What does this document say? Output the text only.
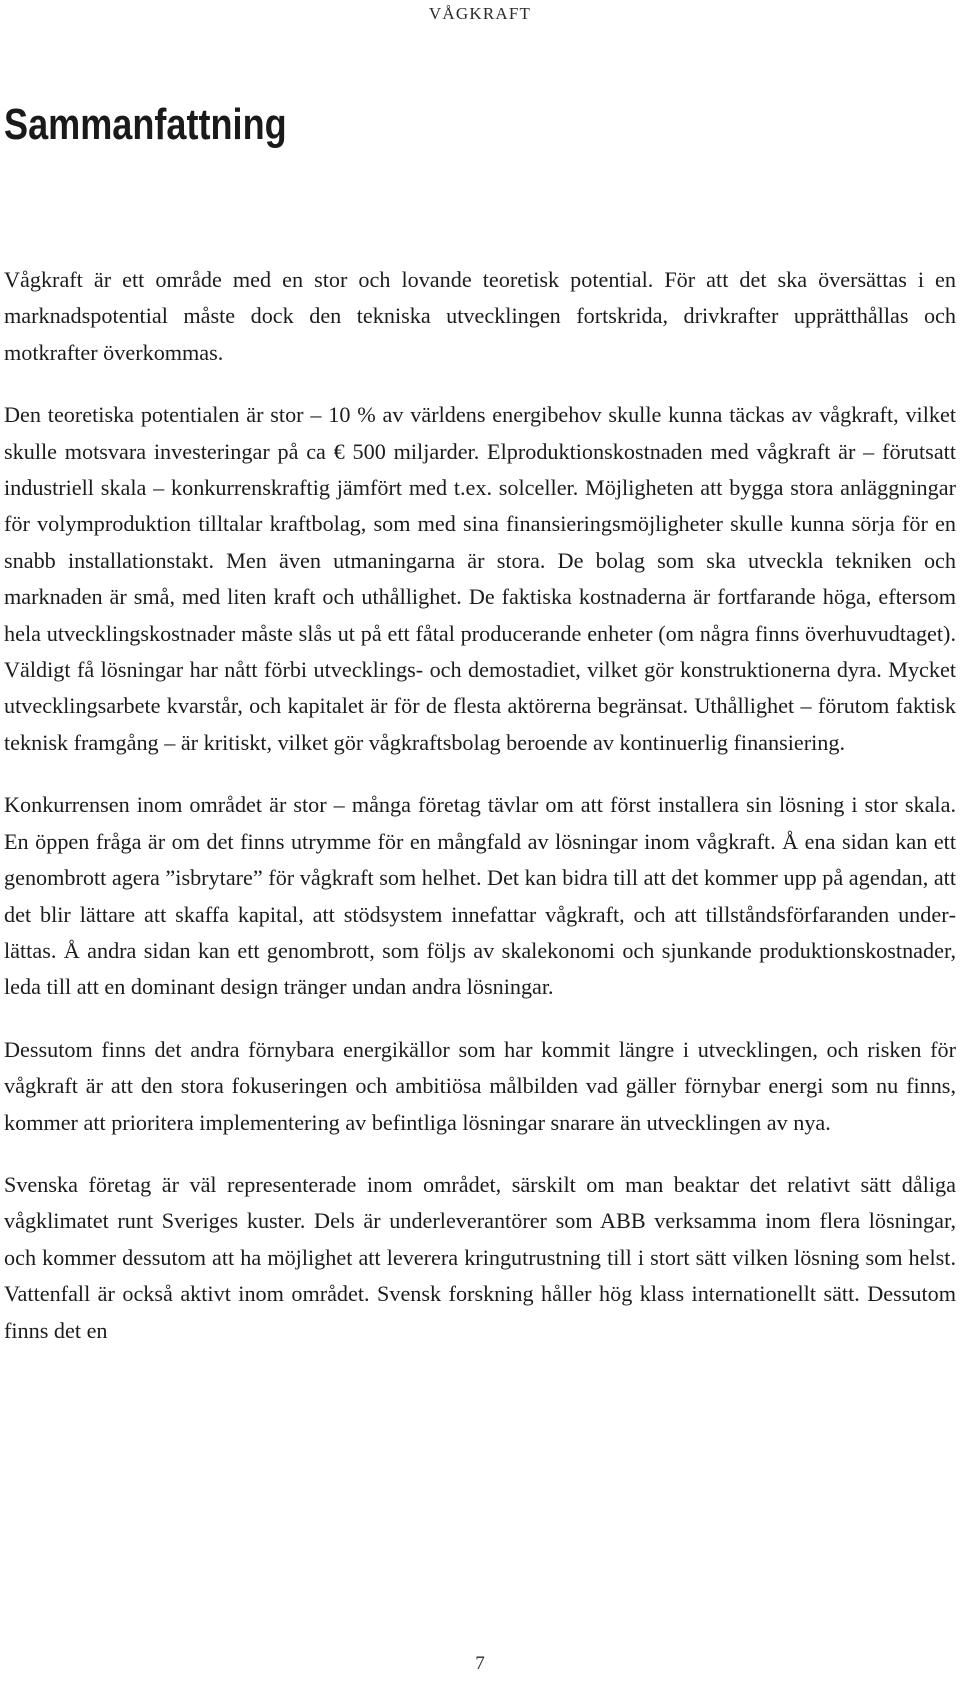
VÅGKRAFT
Sammanfattning

Vågkraft är ett område med en stor och lovande teoretisk potential. För att det ska översättas i en marknadspotential måste dock den tekniska utvecklingen fortskrida, drivkrafter upprätthållas och motkrafter överkommas.

Den teoretiska potentialen är stor – 10 % av världens energibehov skulle kunna täckas av vågkraft, vilket skulle motsvara investeringar på ca € 500 miljarder. Elproduktionskostnaden med vågkraft är – förutsatt industriell skala – konkurrenskraftig jämfört med t.ex. solceller. Möjligheten att bygga stora anläggningar för volymproduktion tilltalar kraftbolag, som med sina finansieringsmöjligheter skulle kunna sörja för en snabb installationstakt. Men även utmaningarna är stora. De bolag som ska utveckla tekniken och marknaden är små, med liten kraft och uthållighet. De faktiska kostnaderna är fortfarande höga, eftersom hela utvecklingskostnader måste slås ut på ett fåtal producerande enheter (om några finns överhuvudtaget). Väldigt få lösningar har nått förbi utvecklings- och demostadiet, vilket gör konstruktionerna dyra. Mycket utvecklingsarbete kvarstår, och kapitalet är för de flesta aktörerna begränsat. Uthållighet – förutom faktisk teknisk framgång – är kritiskt, vilket gör vågkraftsbolag beroende av kontinuerlig finansiering.

Konkurrensen inom området är stor – många företag tävlar om att först installera sin lösning i stor skala. En öppen fråga är om det finns utrymme för en mångfald av lösningar inom vågkraft. Å ena sidan kan ett genombrott agera ”isbrytare” för vågkraft som helhet. Det kan bidra till att det kommer upp på agendan, att det blir lättare att skaffa kapital, att stödsystem innefattar vågkraft, och att tillståndsförfaranden underlättas. Å andra sidan kan ett genombrott, som följs av skalekonomi och sjunkande produktionskostnader, leda till att en dominant design tränger undan andra lösningar.

Dessutom finns det andra förnybara energikällor som har kommit längre i utvecklingen, och risken för vågkraft är att den stora fokuseringen och ambitiösa målbilden vad gäller förnybar energi som nu finns, kommer att prioritera implementering av befintliga lösningar snarare än utvecklingen av nya.

Svenska företag är väl representerade inom området, särskilt om man beaktar det relativt sätt dåliga vågklimatet runt Sveriges kuster. Dels är underleverantörer som ABB verksamma inom flera lösningar, och kommer dessutom att ha möjlighet att leverera kringutrustning till i stort sätt vilken lösning som helst. Vattenfall är också aktivt inom området. Svensk forskning håller hög klass internationellt sätt. Dessutom finns det en

7
